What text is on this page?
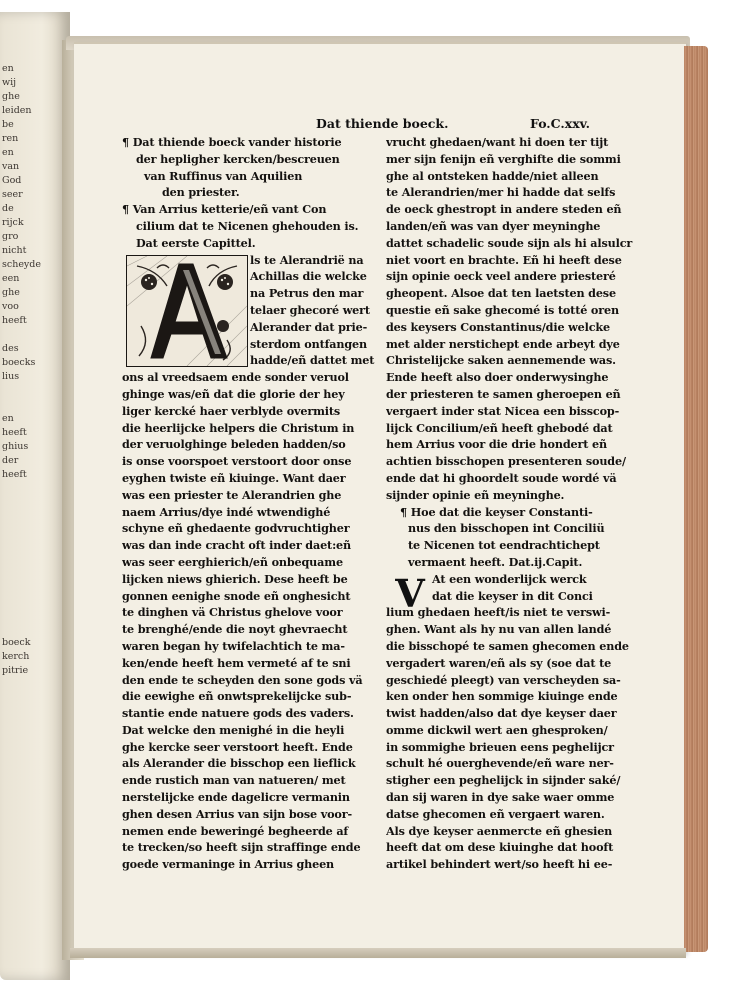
en
wij
ghe
leiden
be
ren
en
van
God
seer
de
rijck
gro
nicht
scheyde
een
ghe
voo
heeft
des
boecks
lius
en
heeft
ghius
der
heeft
boeck
kerch
pitrie
Dat thiende boeck.	Fo.C.xxv.
¶ Dat thiende boeck vander historie
der hepligher kercken/bescreuen
van Ruffinus van Aquilien
den priester.
¶ Van Arrius ketterie/eñ vant Con
cilium dat te Nicenen ghehouden is.
Dat eerste Capittel.
ls te Alerandrië na
Achillas die welcke
na Petrus den mar
telaer ghecoré wert
Alerander dat prie-
sterdom ontfangen
hadde/eñ dattet met
ons al vreedsaem ende sonder veruol
ghinge was/eñ dat die glorie der hey
liger kercké haer verblyde overmits
die heerlijcke helpers die Christum in
der veruolghinge beleden hadden/so
is onse voorspoet verstoort door onse
eyghen twiste eñ kiuinge. Want daer
was een priester te Alerandrien ghe
naem Arrius/dye indé wtwendighé
schyne eñ ghedaente godvruchtigher
was dan inde cracht oft inder daet:eñ
was seer eerghierich/eñ onbequame
lijcken niews ghierich. Dese heeft be
gonnen eenighe snode eñ onghesicht
te dinghen vä Christus ghelove voor
te brenghé/ende die noyt ghevraecht
waren began hy twifelachtich te ma-
ken/ende heeft hem vermeté af te sni
den ende te scheyden den sone gods vä
die eewighe eñ onwtsprekelijcke sub-
stantie ende natuere gods des vaders.
Dat welcke den menighé in die heyli
ghe kercke seer verstoort heeft. Ende
als Alerander die bisschop een lieflick
ende rustich man van natueren/ met
nerstelijcke ende dagelicre vermanin
ghen desen Arrius van sijn bose voor-
nemen ende beweringé begheerde af
te trecken/so heeft sijn straffinge ende
goede vermaninge in Arrius gheen
vrucht ghedaen/want hi doen ter tijt
mer sijn fenijn eñ verghifte die sommi
ghe al ontsteken hadde/niet alleen
te Alerandrien/mer hi hadde dat selfs
de oeck ghestropt in andere steden eñ
landen/eñ was van dyer meyninghe
dattet schadelic soude sijn als hi alsulcr
niet voort en brachte. Eñ hi heeft dese
sijn opinie oeck veel andere priesteré
gheopent. Alsoe dat ten laetsten dese
questie eñ sake ghecomé is totté oren
des keysers Constantinus/die welcke
met alder nerstichept ende arbeyt dye
Christelijcke saken aennemende was.
Ende heeft also doer onderwysinghe
der priesteren te samen gheroepen eñ
vergaert inder stat Nicea een bisscop-
lijck Concilium/eñ heeft ghebodé dat
hem Arrius voor die drie hondert eñ
achtien bisschopen presenteren soude/
ende dat hi ghoordelt soude wordé vä
sijnder opinie eñ meyninghe.
¶ Hoe dat die keyser Constanti-
nus den bisschopen int Conciliü
te Nicenen tot eendrachtichept
vermaent heeft. Dat.ij.Capit.
At een wonderlijck werck
dat die keyser in dit Conci
lium ghedaen heeft/is niet te verswi-
ghen. Want als hy nu van allen landé
die bisschopé te samen ghecomen ende
vergadert waren/eñ als sy (soe dat te
geschiedé pleegt) van verscheyden sa-
ken onder hen sommige kiuinge ende
twist hadden/also dat dye keyser daer
omme dickwil wert aen ghesproken/
in sommighe brieuen eens peghelijcr
schult hé ouerghevende/eñ ware ner-
stigher een peghelijck in sijnder saké/
dan sij waren in dye sake waer omme
datse ghecomen eñ vergaert waren.
Als dye keyser aenmercte eñ ghesien
heeft dat om dese kiuinghe dat hooft
artikel behindert wert/so heeft hi ee-
V
